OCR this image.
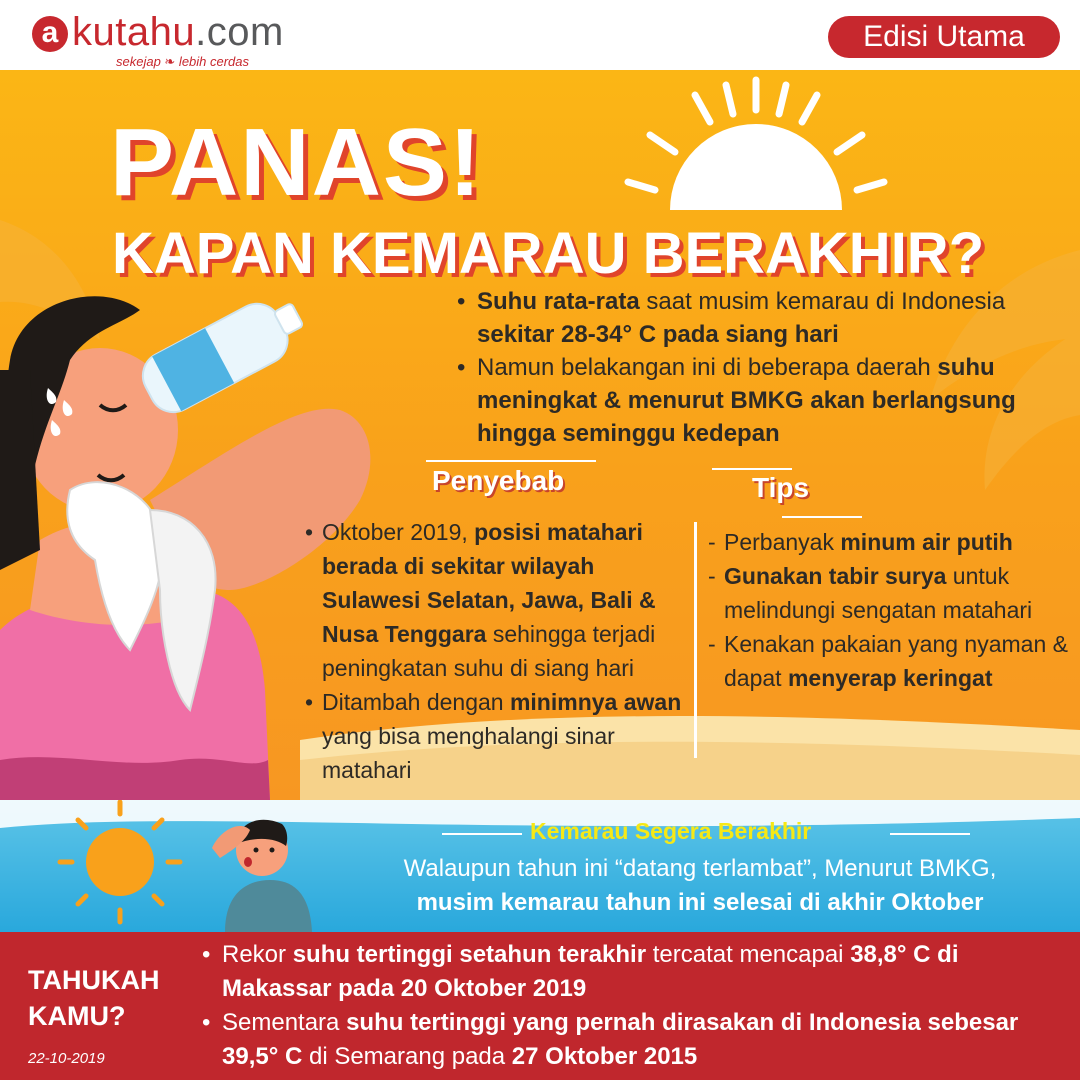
a kutahu.com
sekejap ❧ lebih cerdas
Edisi Utama
PANAS!
KAPAN KEMARAU BERAKHIR?
• Suhu rata-rata saat musim kemarau di Indonesia sekitar 28-34° C pada siang hari
• Namun belakangan ini di beberapa daerah suhu meningkat & menurut BMKG akan berlangsung hingga seminggu kedepan
Penyebab
• Oktober 2019, posisi matahari berada di sekitar wilayah Sulawesi Selatan, Jawa, Bali & Nusa Tenggara sehingga terjadi peningkatan suhu di siang hari
• Ditambah dengan minimnya awan yang bisa menghalangi sinar matahari
Tips
- Perbanyak minum air putih
- Gunakan tabir surya untuk melindungi sengatan matahari
- Kenakan pakaian yang nyaman & dapat menyerap keringat
Kemarau Segera Berakhir
Walaupun tahun ini “datang terlambat”, Menurut BMKG,
musim kemarau tahun ini selesai di akhir Oktober
TAHUKAH
KAMU?
22-10-2019
• Rekor suhu tertinggi setahun terakhir tercatat mencapai 38,8° C di Makassar pada 20 Oktober 2019
• Sementara suhu tertinggi yang pernah dirasakan di Indonesia sebesar 39,5° C di Semarang pada 27 Oktober 2015
